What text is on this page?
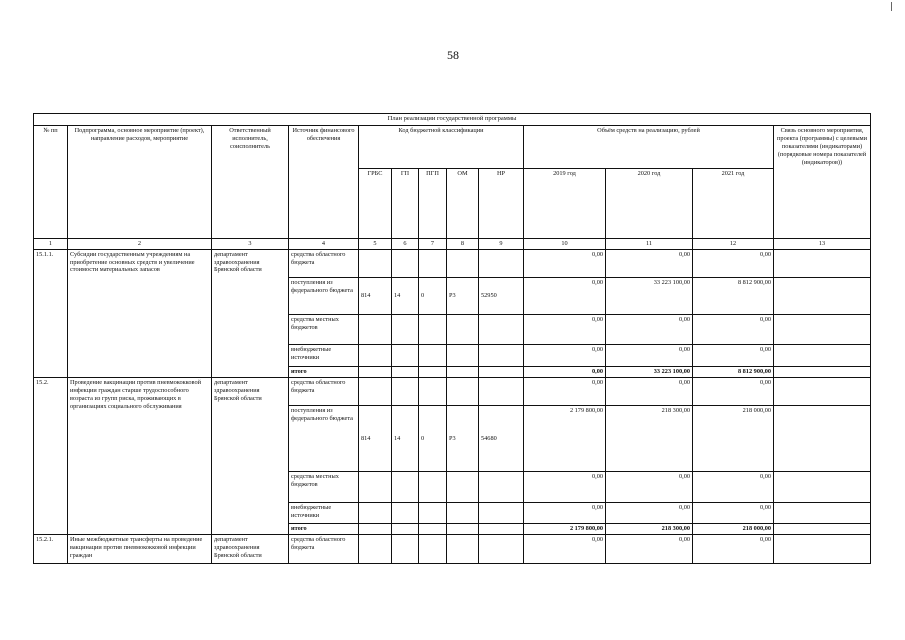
58
План реализации государственной программы												
№ пп	Подпрограмма, основное мероприятие (проект), направление расходов, мероприятие	Ответственный исполнитель, соисполнитель	Источник финансового обеспечения	Код бюджетной классификации					Объём средств на реализацию, рублей			Связь основного мероприятия, проекта (программы) с целевыми показателями (индикаторами) (порядковые номера показателей (индикаторов))
				ГРБС	ГП	ПГП	ОМ	НР	2019 год	2020 год	2021 год	
1	2	3	4	5	6	7	8	9	10	11	12	13
15.1.1.	Субсидии государственным учреждениям на приобретение основных средств и увеличение стоимости материальных запасов	департамент здравоохранения Брянской области	средства областного бюджета						0,00	0,00	0,00	
			поступления из федерального бюджета	814	14	0	Р3	52950	0,00	33 223 100,00	8 812 900,00	
			средства местных бюджетов						0,00	0,00	0,00	
			внебюджетные источники						0,00	0,00	0,00	
			итого						0,00	33 223 100,00	8 812 900,00	
15.2.	Проведение вакцинации против пневмококковой инфекции граждан старше трудоспособного возраста из групп риска, проживающих в организациях социального обслуживания	департамент здравоохранения Брянской области	средства областного бюджета						0,00	0,00	0,00	
			поступления из федерального бюджета	814	14	0	Р3	54680	2 179 800,00	218 300,00	218 000,00	
			средства местных бюджетов						0,00	0,00	0,00	
			внебюджетные источники						0,00	0,00	0,00	
			итого						2 179 800,00	218 300,00	218 000,00	
15.2.1.	Иные межбюджетные трансферты на проведение вакцинации против пневмококковой инфекции граждан	департамент здравоохранения Брянской области	средства областного бюджета						0,00	0,00	0,00	
